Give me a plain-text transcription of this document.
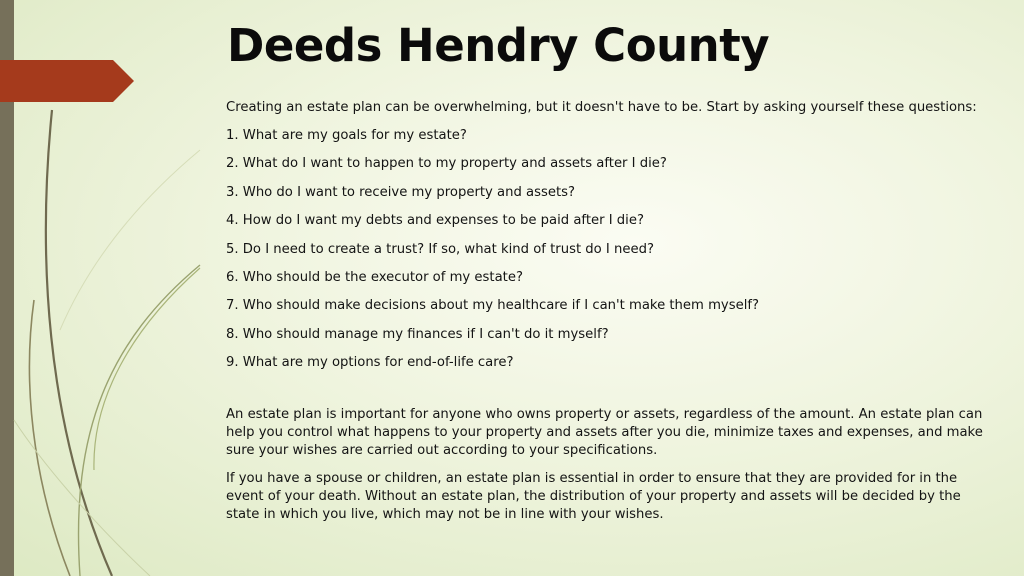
Deeds Hendry County

Creating an estate plan can be overwhelming, but it doesn't have to be. Start by asking yourself these questions:

1. What are my goals for my estate?

2. What do I want to happen to my property and assets after I die?

3. Who do I want to receive my property and assets?

4. How do I want my debts and expenses to be paid after I die?

5. Do I need to create a trust? If so, what kind of trust do I need?

6. Who should be the executor of my estate?

7. Who should make decisions about my healthcare if I can't make them myself?

8. Who should manage my finances if I can't do it myself?

9. What are my options for end-of-life care?

An estate plan is important for anyone who owns property or assets, regardless of the amount. An estate plan can help you control what happens to your property and assets after you die, minimize taxes and expenses, and make sure your wishes are carried out according to your specifications.

If you have a spouse or children, an estate plan is essential in order to ensure that they are provided for in the event of your death. Without an estate plan, the distribution of your property and assets will be decided by the state in which you live, which may not be in line with your wishes.
